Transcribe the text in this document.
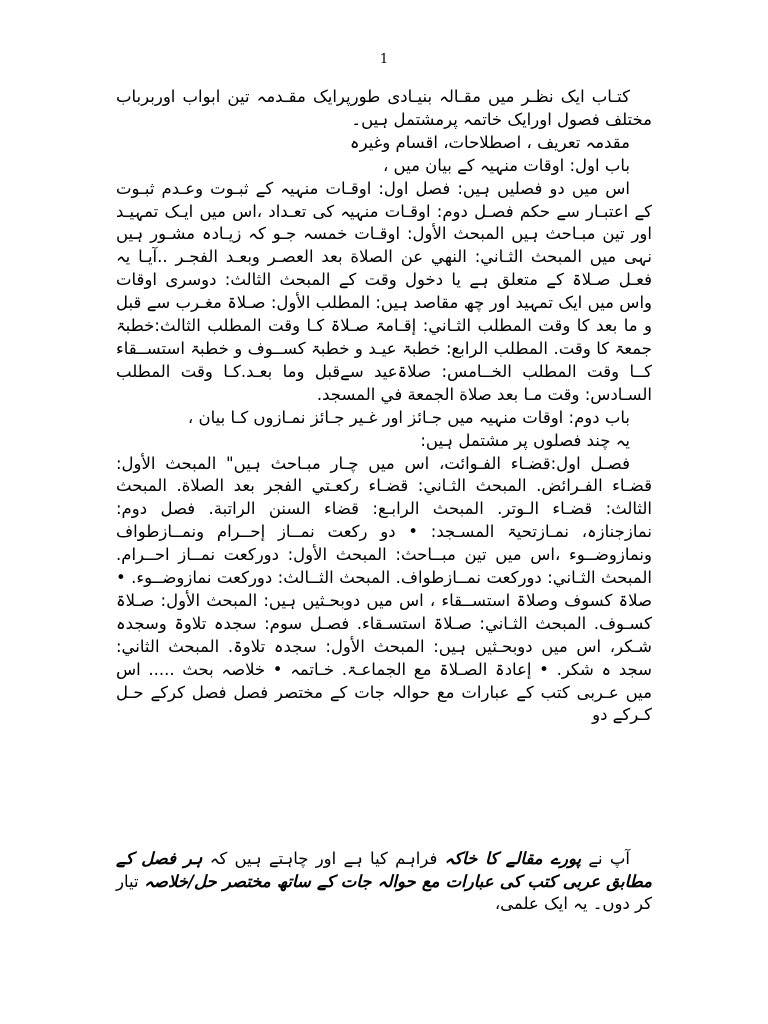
1

كتـاب ایک نظـر میں مقـالہ بنیـادی طورپرایک مقـدمہ تین ابواب اوربرباب مختلف فصول اورایک خاتمہ پرمشتمل ہیں۔

مقدمہ تعریف ، اصطلاحات، اقسام وغیرہ

باب اول: اوقات منہیہ کے بیان میں ،

اس میں دو فصلیں ہیں: فصل اول: اوقـات منہیہ کے ثبـوت وعـدم ثبـوت کے اعتبـار سے حکم فصـل دوم: اوقـات منہیہ کی تعـداد ،اس میں ایـک تمہیـد اور تین مبـاحث ہیں المبحث الأول: اوقـات خمسہ جـو کہ زیـادہ مشـور ہیں نہی میں المبحث الثـاني: النهي عن الصلاة بعد العصـر وبعـد الفجـر ..آیـا یہ فعـل صـلاۃ کے متعلق ہے یا دخول وقت کے المبحث الثالث: دوسری اوقات واس میں ایک تمہید اور چھ مقاصد ہیں: المطلب الأول: صـلاۃ مغـرب سے قبل و ما بعد کا وقت المطلب الثـاني: إقـامۃ صـلاۃ کـا وقت المطلب الثالث:خطبۃ جمعۃ کا وقت. المطلب الرابع: خطبۃ عیـد و خطبۃ کســوف و خطبۃ استســقاء کــا وقت المطلب الخــامس: صلاۃعید سےقبل وما بعـد.کـا وقت المطلب السـادس: وقت مـا بعد صلاة الجمعة في المسجد.

باب دوم: اوقات منہیہ میں جـائز اور غـیر جـائز نمـازوں کـا بیان ،

یہ چند فصلوں پر مشتمل ہیں:

فصـل اول:قضـاء الفـوائت، اس میں چـار مبـاحث ہیں" المبحث الأول: قضـاء الفـرائض. المبحث الثـاني: قضـاء ركعـتي الفجر بعد الصلاة. المبحث الثالث: قضـاء الـوتر. المبحث الرابـع: قضاء السنن الراتبة. فصل دوم: نمازجنازہ، نمـازتحیۃ المسـجد: • دو ركعت نمــاز إحــرام ونمــازطواف ونمازوضــوء ،اس میں تین مبــاحث: المبحث الأول: دورکعت نمــاز احــرام. المبحث الثـاني: دورکعت نمــازطواف. المبحث الثــالث: دورکعت نمازوضــوء. • صلاۃ کسوف وصلاۃ استســقاء ، اس میں دوبحـثیں ہیں: المبحث الأول: صـلاۃ کسـوف. المبحث الثـاني: صـلاۃ استسـقاء. فصـل سوم: سجدہ تلاوۃ وسجدہ شـکر، اس میں دوبحـثیں ہیں: المبحث الأول: سجدہ تلاوۃ. المبحث الثاني: سجد ہ شکر. • إعادۃ الصـلاۃ مع الجماعـۃ. خـاتمہ • خلاصہ بحث ..... اس میں عـربی کتب کے عبارات مع حوالہ جات کے مختصر فصل فصل کرکے حـل کـرکے دو

آپ نے پورے مقالے کا خاکہ فراہم کیا ہے اور چاہتے ہیں کہ ہر فصل کے مطابق عربی کتب کی عبارات مع حوالہ جات کے ساتھ مختصر حل/خلاصہ تیار کر دوں۔ یہ ایک علمی،
